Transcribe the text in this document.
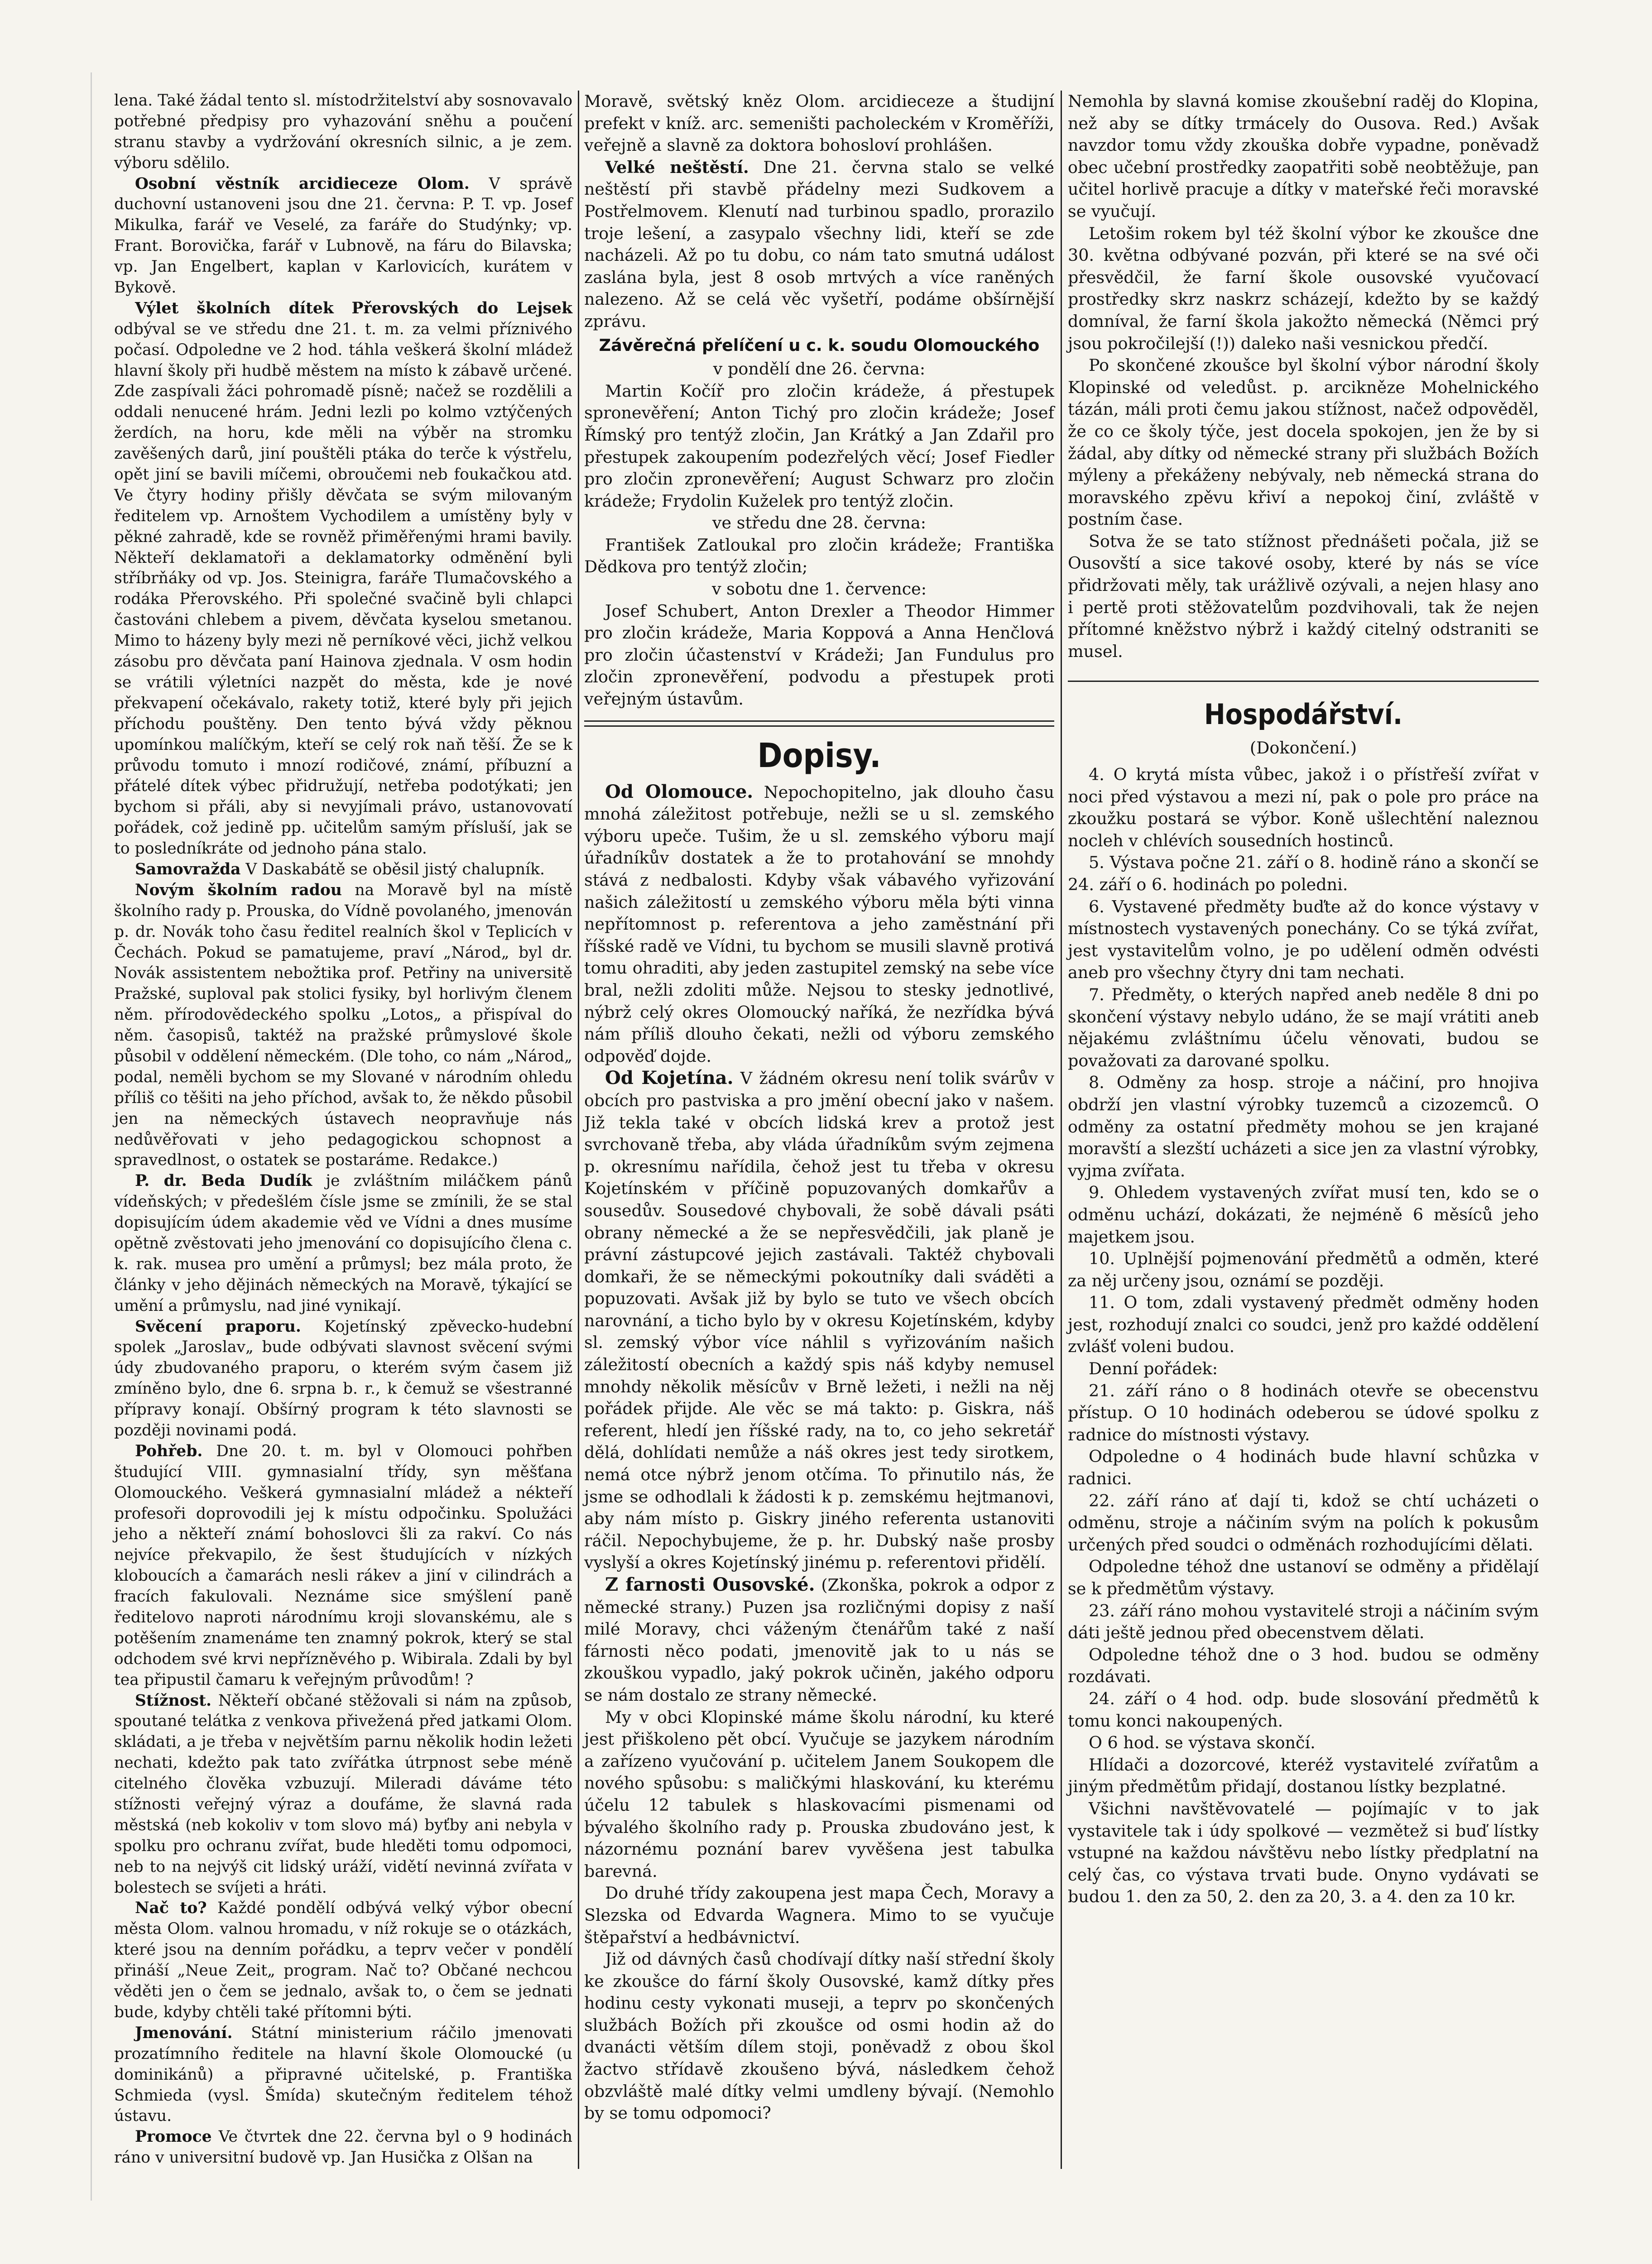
lena. Také žádal tento sl. místodržitelství aby sosnovavalo potřebné předpisy pro vyhazování sněhu a poučení stranu stavby a vydržování okresních silnic, a je zem. výboru sdělilo.

Osobní věstník arcidieceze Olom. V správě duchovní ustanoveni jsou dne 21. června: P. T. vp. Josef Mikulka, farář ve Veselé, za faráře do Studýnky; vp. Frant. Borovička, farář v Lubnově, na fáru do Bilavska; vp. Jan Engelbert, kaplan v Karlovicích, kurátem v Bykově.

Výlet školních dítek Přerovských do Lejsek odbýval se ve středu dne 21. t. m. za velmi příznivého počasí. Odpoledne ve 2 hod. táhla veškerá školní mládež hlavní školy při hudbě městem na místo k zábavě určené. Zde zaspívali žáci pohromadě písně; načež se rozdělili a oddali nenucené hrám. Jedni lezli po kolmo vztýčených žerdích, na horu, kde měli na výběr na stromku zavěšených darů, jiní pouštěli ptáka do terče k výstřelu, opět jiní se bavili míčemi, obroučemi neb foukačkou atd. Ve čtyry hodiny přišly děvčata se svým milovaným ředitelem vp. Arnoštem Vychodilem a umístěny byly v pěkné zahradě, kde se rovněž přiměřenými hrami bavily. Někteří deklamatoři a deklamatorky odměnění byli stříbrňáky od vp. Jos. Steinigra, faráře Tlumačovského a rodáka Přerovského. Při společné svačině byli chlapci častováni chlebem a pivem, děvčata kyselou smetanou. Mimo to házeny byly mezi ně perníkové věci, jichž velkou zásobu pro děvčata paní Hainova zjednala. V osm hodin se vrátili výletníci nazpět do města, kde je nové překvapení očekávalo, rakety totiž, které byly při jejich příchodu pouštěny. Den tento bývá vždy pěknou upomínkou malíčkým, kteří se celý rok naň těší. Že se k průvodu tomuto i mnozí rodičové, známí, příbuzní a přátelé dítek výbec přidružují, netřeba podotýkati; jen bychom si přáli, aby si nevyjímali právo, ustanovovatí pořádek, což jedině pp. učitelům samým přísluší, jak se to posledníkráte od jednoho pána stalo.

Samovražda V Daskabátě se oběsil jistý chalupník.

Novým školním radou na Moravě byl na místě školního rady p. Prouska, do Vídně povolaného, jmenován p. dr. Novák toho času ředitel realních škol v Teplicích v Čechách. Pokud se pamatujeme, praví „Národ„ byl dr. Novák assistentem nebožtika prof. Petřiny na universitě Pražské, suploval pak stolici fysiky, byl horlivým členem něm. přírodovědeckého spolku „Lotos„ a přispíval do něm. časopisů, taktéž na pražské průmyslové škole působil v oddělení německém. (Dle toho, co nám „Národ„ podal, neměli bychom se my Slované v národním ohledu příliš co těšiti na jeho příchod, avšak to, že někdo působil jen na německých ústavech neopravňuje nás nedůvěřovati v jeho pedagogickou schopnost a spravedlnost, o ostatek se postaráme. Redakce.)

P. dr. Beda Dudík je zvláštním miláčkem pánů vídeňských; v předešlém čísle jsme se zmínili, že se stal dopisujícím údem akademie věd ve Vídni a dnes musíme opětně zvěstovati jeho jmenování co dopisujícího člena c. k. rak. musea pro umění a průmysl; bez mála proto, že články v jeho dějinách německých na Moravě, týkající se umění a průmyslu, nad jiné vynikají.

Svěcení praporu. Kojetínský zpěvecko-hudební spolek „Jaroslav„ bude odbývati slavnost svěcení svými údy zbudovaného praporu, o kterém svým časem již zmíněno bylo, dne 6. srpna b. r., k čemuž se všestranné přípravy konají. Obšírný program k této slavnosti se později novinami podá.

Pohřeb. Dne 20. t. m. byl v Olomouci pohřben študující VIII. gymnasialní třídy, syn měšťana Olomouckého. Veškerá gymnasialní mládež a nékteří profesoři doprovodili jej k místu odpočinku. Spolužáci jeho a někteří známí bohoslovci šli za rakví. Co nás nejvíce překvapilo, že šest študujících v nízkých kloboucích a čamarách nesli rákev a jiní v cilindrách a fracích fakulovali. Neznáme sice smýšlení paně ředitelovo naproti národnímu kroji slovanskému, ale s potěšením znamenáme ten znamný pokrok, který se stal odchodem své krvi nepřízněvého p. Wibirala. Zdali by byl tea připustil čamaru k veřejným průvodům! ?

Stížnost. Někteří občané stěžovali si nám na způsob, spoutané telátka z venkova přivežená před jatkami Olom. skládati, a je třeba v největším parnu několik hodin ležeti nechati, kdežto pak tato zvířátka útrpnost sebe méně citelného člověka vzbuzují. Mileradi dáváme této stížnosti veřejný výraz a doufáme, že slavná rada městská (neb kokoliv v tom slovo má) byťby ani nebyla v spolku pro ochranu zvířat, bude hleděti tomu odpomoci, neb to na nejvýš cit lidský uráží, vidětí nevinná zvířata v bolestech se svíjeti a hráti.

Nač to? Každé pondělí odbývá velký výbor obecní města Olom. valnou hromadu, v níž rokuje se o otázkách, které jsou na denním pořádku, a teprv večer v pondělí přináší „Neue Zeit„ program. Nač to? Občané nechcou věděti jen o čem se jednalo, avšak to, o čem se jednati bude, kdyby chtěli také přítomni býti.

Jmenování. Státní ministerium ráčilo jmenovati prozatímního ředitele na hlavní škole Olomoucké (u dominikánů) a připravné učitelské, p. Františka Schmieda (vysl. Šmída) skutečným ředitelem téhož ústavu.

Promoce Ve čtvrtek dne 22. června byl o 9 hodinách ráno v universitní budově vp. Jan Husička z Olšan na

Moravě, světský kněz Olom. arcidieceze a študijní prefekt v kníž. arc. semeništi pacholeckém v Kroměříži, veřejně a slavně za doktora bohosloví prohlášen.

Velké neštěstí. Dne 21. června stalo se velké neštěstí při stavbě přádelny mezi Sudkovem a Postřelmovem. Klenutí nad turbinou spadlo, prorazilo troje lešení, a zasypalo všechny lidi, kteří se zde nacházeli. Až po tu dobu, co nám tato smutná událost zaslána byla, jest 8 osob mrtvých a více raněných nalezeno. Až se celá věc vyšetří, podáme obšírnější zprávu.

Závěrečná přelíčení u c. k. soudu Olomouckého

v pondělí dne 26. června:

Martin Kočíř pro zločin krádeže, á přestupek spronevěření; Anton Tichý pro zločin krádeže; Josef Římský pro tentýž zločin, Jan Krátký a Jan Zdařil pro přestupek zakoupením podezřelých věcí; Josef Fiedler pro zločin zpronevěření; August Schwarz pro zločin krádeže; Frydolin Kuželek pro tentýž zločin.

ve středu dne 28. června:

František Zatloukal pro zločin krádeže; Františka Dědkova pro tentýž zločin;

v sobotu dne 1. července:

Josef Schubert, Anton Drexler a Theodor Himmer pro zločin krádeže, Maria Koppová a Anna Henčlová pro zločin účastenství v Krádeži; Jan Fundulus pro zločin zpronevěření, podvodu a přestupek proti veřejným ústavům.

Dopisy.

Od Olomouce. Nepochopitelno, jak dlouho času mnohá záležitost potřebuje, nežli se u sl. zemského výboru upeče. Tušim, že u sl. zemského výboru mají úřadníkův dostatek a že to protahování se mnohdy stává z nedbalosti. Kdyby však vábavého vyřizování našich záležitostí u zemského výboru měla býti vinna nepřítomnost p. referentova a jeho zaměstnání při říšské radě ve Vídni, tu bychom se musili slavně protivá tomu ohraditi, aby jeden zastupitel zemský na sebe více bral, nežli zdoliti může. Nejsou to stesky jednotlivé, nýbrž celý okres Olomoucký naříká, že nezřídka bývá nám příliš dlouho čekati, nežli od výboru zemského odpověď dojde.

Od Kojetína. V žádném okresu není tolik svárův v obcích pro pastviska a pro jmění obecní jako v našem. Již tekla také v obcích lidská krev a protož jest svrchovaně třeba, aby vláda úřadníkům svým zejmena p. okresnímu nařídila, čehož jest tu třeba v okresu Kojetínském v příčině popuzovaných domkařův a sousedův. Sousedové chybovali, že sobě dávali psáti obrany německé a že se nepřesvědčili, jak planě je právní zástupcové jejich zastávali. Taktéž chybovali domkaři, že se německými pokoutníky dali sváděti a popuzovati. Avšak již by bylo se tuto ve všech obcích narovnání, a ticho bylo by v okresu Kojetínském, kdyby sl. zemský výbor více náhlil s vyřizováním našich záležitostí obecních a každý spis náš kdyby nemusel mnohdy několik měsícův v Brně ležeti, i nežli na něj pořádek přijde. Ale věc se má takto: p. Giskra, náš referent, hledí jen říšské rady, na to, co jeho sekretář dělá, dohlídati nemůže a náš okres jest tedy sirotkem, nemá otce nýbrž jenom otčíma. To přinutilo nás, že jsme se odhodlali k žádosti k p. zemskému hejtmanovi, aby nám místo p. Giskry jiného referenta ustanoviti ráčil. Nepochybujeme, že p. hr. Dubský naše prosby vyslyší a okres Kojetínský jinému p. referentovi přidělí.

Z farnosti Ousovské. (Zkonška, pokrok a odpor z německé strany.) Puzen jsa rozličnými dopisy z naší milé Moravy, chci váženým čtenářům také z naší fárnosti něco podati, jmenovitě jak to u nás se zkouškou vypadlo, jaký pokrok učiněn, jakého odporu se nám dostalo ze strany německé.

My v obci Klopinské máme školu národní, ku které jest přiškoleno pět obcí. Vyučuje se jazykem národním a zařízeno vyučování p. učitelem Janem Soukopem dle nového spůsobu: s maličkými hlaskování, ku kterému účelu 12 tabulek s hlaskovacími pismenami od bývalého školního rady p. Prouska zbudováno jest, k názornému poznání barev vyvěšena jest tabulka barevná.

Do druhé třídy zakoupena jest mapa Čech, Moravy a Slezska od Edvarda Wagnera. Mimo to se vyučuje štěpařství a hedbávnictví.

Již od dávných časů chodívají dítky naší střední školy ke zkoušce do fární školy Ousovské, kamž dítky přes hodinu cesty vykonati museji, a teprv po skončených službách Božích při zkoušce od osmi hodin až do dvanácti větším dílem stoji, poněvadž z obou škol žactvo střídavě zkoušeno bývá, následkem čehož obzvláště malé dítky velmi umdleny bývají. (Nemohlo by se tomu odpomoci?

Nemohla by slavná komise zkoušební raděj do Klopina, než aby se dítky trmácely do Ousova. Red.) Avšak navzdor tomu vždy zkouška dobře vypadne, poněvadž obec učební prostředky zaopatřiti sobě neobtěžuje, pan učitel horlivě pracuje a dítky v mateřské řeči moravské se vyučují.

Letošim rokem byl též školní výbor ke zkoušce dne 30. května odbývané pozván, při které se na své oči přesvědčil, že farní škole ousovské vyučovací prostředky skrz naskrz scházejí, kdežto by se každý domníval, že farní škola jakožto německá (Němci prý jsou pokročilejší (!)) daleko naši vesnickou předčí.

Po skončené zkoušce byl školní výbor národní školy Klopinské od veledůst. p. arcikněze Mohelnického tázán, máli proti čemu jakou stížnost, načež odpověděl, že co ce školy týče, jest docela spokojen, jen že by si žádal, aby dítky od německé strany při službách Božích mýleny a překáženy nebývaly, neb německá strana do moravského zpěvu křiví a nepokoj činí, zvláště v postním čase.

Sotva že se tato stížnost přednášeti počala, již se Ousovští a sice takové osoby, které by nás se více přidržovati měly, tak urážlivě ozývali, a nejen hlasy ano i pertě proti stěžovatelům pozdvihovali, tak že nejen přítomné kněžstvo nýbrž i každý citelný odstraniti se musel.

Hospodářství.
(Dokončení.)

4. O krytá místa vůbec, jakož i o přístřeší zvířat v noci před výstavou a mezi ní, pak o pole pro práce na zkoužku postará se výbor. Koně ušlechtění naleznou nocleh v chlévích sousedních hostinců.

5. Výstava počne 21. září o 8. hodině ráno a skončí se 24. září o 6. hodinách po poledni.

6. Vystavené předměty buďte až do konce výstavy v místnostech vystavených ponechány. Co se týká zvířat, jest vystavitelům volno, je po udělení odměn odvésti aneb pro všechny čtyry dni tam nechati.

7. Předměty, o kterých napřed aneb neděle 8 dni po skončení výstavy nebylo udáno, že se mají vrátiti aneb nějakému zvláštnímu účelu věnovati, budou se považovati za darované spolku.

8. Odměny za hosp. stroje a náčiní, pro hnojiva obdrží jen vlastní výrobky tuzemců a cizozemců. O odměny za ostatní předměty mohou se jen krajané moravští a slezští ucházeti a sice jen za vlastní výrobky, vyjma zvířata.

9. Ohledem vystavených zvířat musí ten, kdo se o odměnu uchází, dokázati, že nejméně 6 měsíců jeho majetkem jsou.

10. Uplnější pojmenování předmětů a odměn, které za něj určeny jsou, oznámí se později.

11. O tom, zdali vystavený předmět odměny hoden jest, rozhodují znalci co soudci, jenž pro každé oddělení zvlášť voleni budou.

Denní pořádek:

21. září ráno o 8 hodinách otevře se obecenstvu přístup. O 10 hodinách odeberou se údové spolku z radnice do místnosti výstavy.

Odpoledne o 4 hodinách bude hlavní schůzka v radnici.

22. září ráno ať dají ti, kdož se chtí ucházeti o odměnu, stroje a náčiním svým na polích k pokusům určených před soudci o odměnách rozhodujícími dělati.

Odpoledne téhož dne ustanoví se odměny a přidělají se k předmětům výstavy.

23. září ráno mohou vystavitelé stroji a náčiním svým dáti ještě jednou před obecenstvem dělati.

Odpoledne téhož dne o 3 hod. budou se odměny rozdávati.

24. září o 4 hod. odp. bude slosování předmětů k tomu konci nakoupených.

O 6 hod. se výstava skončí.

Hlídači a dozorcové, kteréž vystavitelé zvířatům a jiným předmětům přidají, dostanou lístky bezplatné.

Všichni navštěvovatelé — pojímajíc v to jak vystavitele tak i údy spolkové — vezmětež si buď lístky vstupné na každou návštěvu nebo lístky předplatní na celý čas, co výstava trvati bude. Onyno vydávati se budou 1. den za 50, 2. den za 20, 3. a 4. den za 10 kr.
